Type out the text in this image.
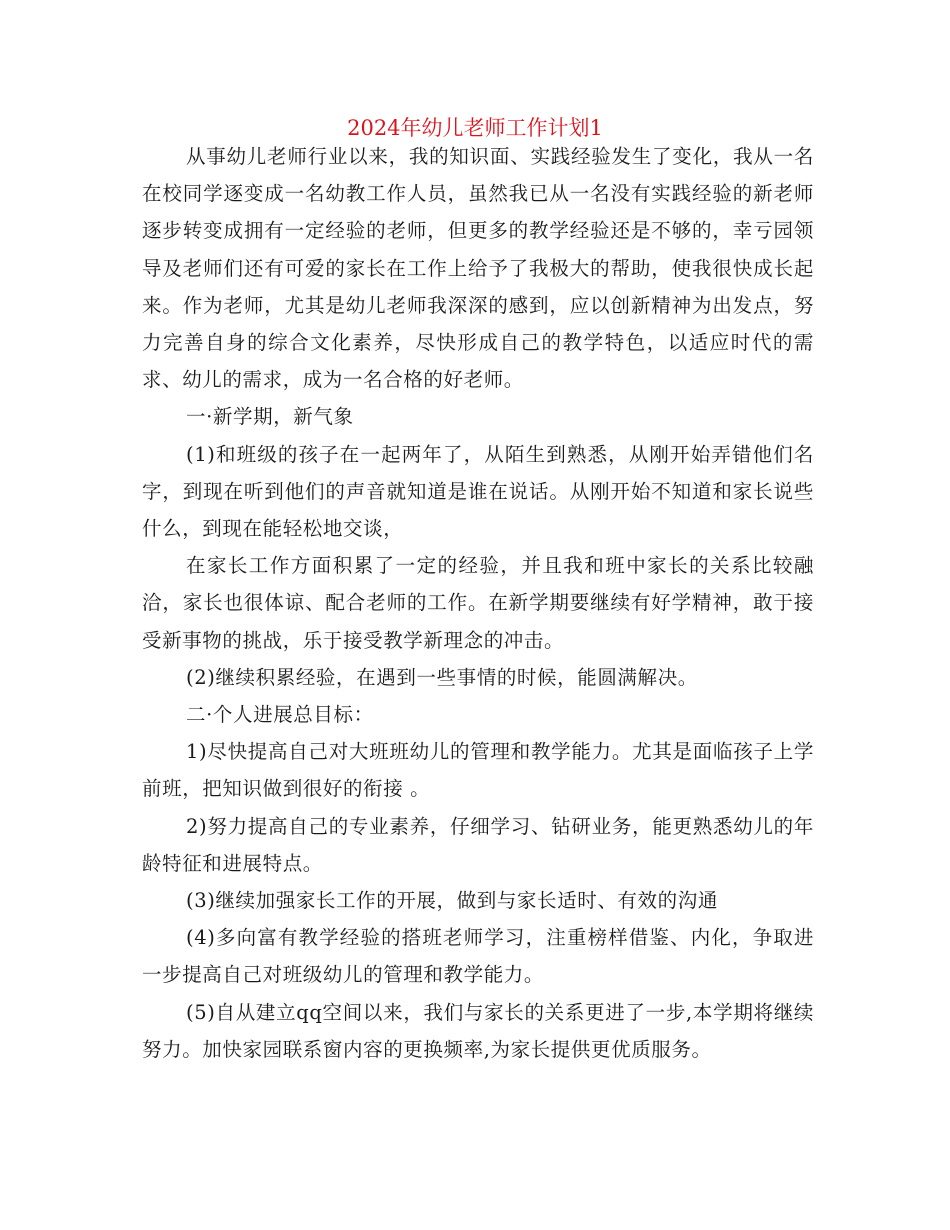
2024年幼儿老师工作计划1

从事幼儿老师行业以来，我的知识面、实践经验发生了变化，我从一名在校同学逐变成一名幼教工作人员，虽然我已从一名没有实践经验的新老师逐步转变成拥有一定经验的老师，但更多的教学经验还是不够的，幸亏园领导及老师们还有可爱的家长在工作上给予了我极大的帮助，使我很快成长起来。作为老师，尤其是幼儿老师我深深的感到，应以创新精神为出发点，努力完善自身的综合文化素养，尽快形成自己的教学特色，以适应时代的需求、幼儿的需求，成为一名合格的好老师。

一·新学期，新气象

(1)和班级的孩子在一起两年了，从陌生到熟悉，从刚开始弄错他们名字，到现在听到他们的声音就知道是谁在说话。从刚开始不知道和家长说些什么，到现在能轻松地交谈，

在家长工作方面积累了一定的经验，并且我和班中家长的关系比较融洽，家长也很体谅、配合老师的工作。在新学期要继续有好学精神，敢于接受新事物的挑战，乐于接受教学新理念的冲击。

(2)继续积累经验，在遇到一些事情的时候，能圆满解决。

二·个人进展总目标：

1)尽快提高自己对大班班幼儿的管理和教学能力。尤其是面临孩子上学前班，把知识做到很好的衔接 。

2)努力提高自己的专业素养，仔细学习、钻研业务，能更熟悉幼儿的年龄特征和进展特点。

(3)继续加强家长工作的开展，做到与家长适时、有效的沟通

(4)多向富有教学经验的搭班老师学习，注重榜样借鉴、内化，争取进一步提高自己对班级幼儿的管理和教学能力。

(5)自从建立qq空间以来，我们与家长的关系更进了一步,本学期将继续努力。加快家园联系窗内容的更换频率,为家长提供更优质服务。
